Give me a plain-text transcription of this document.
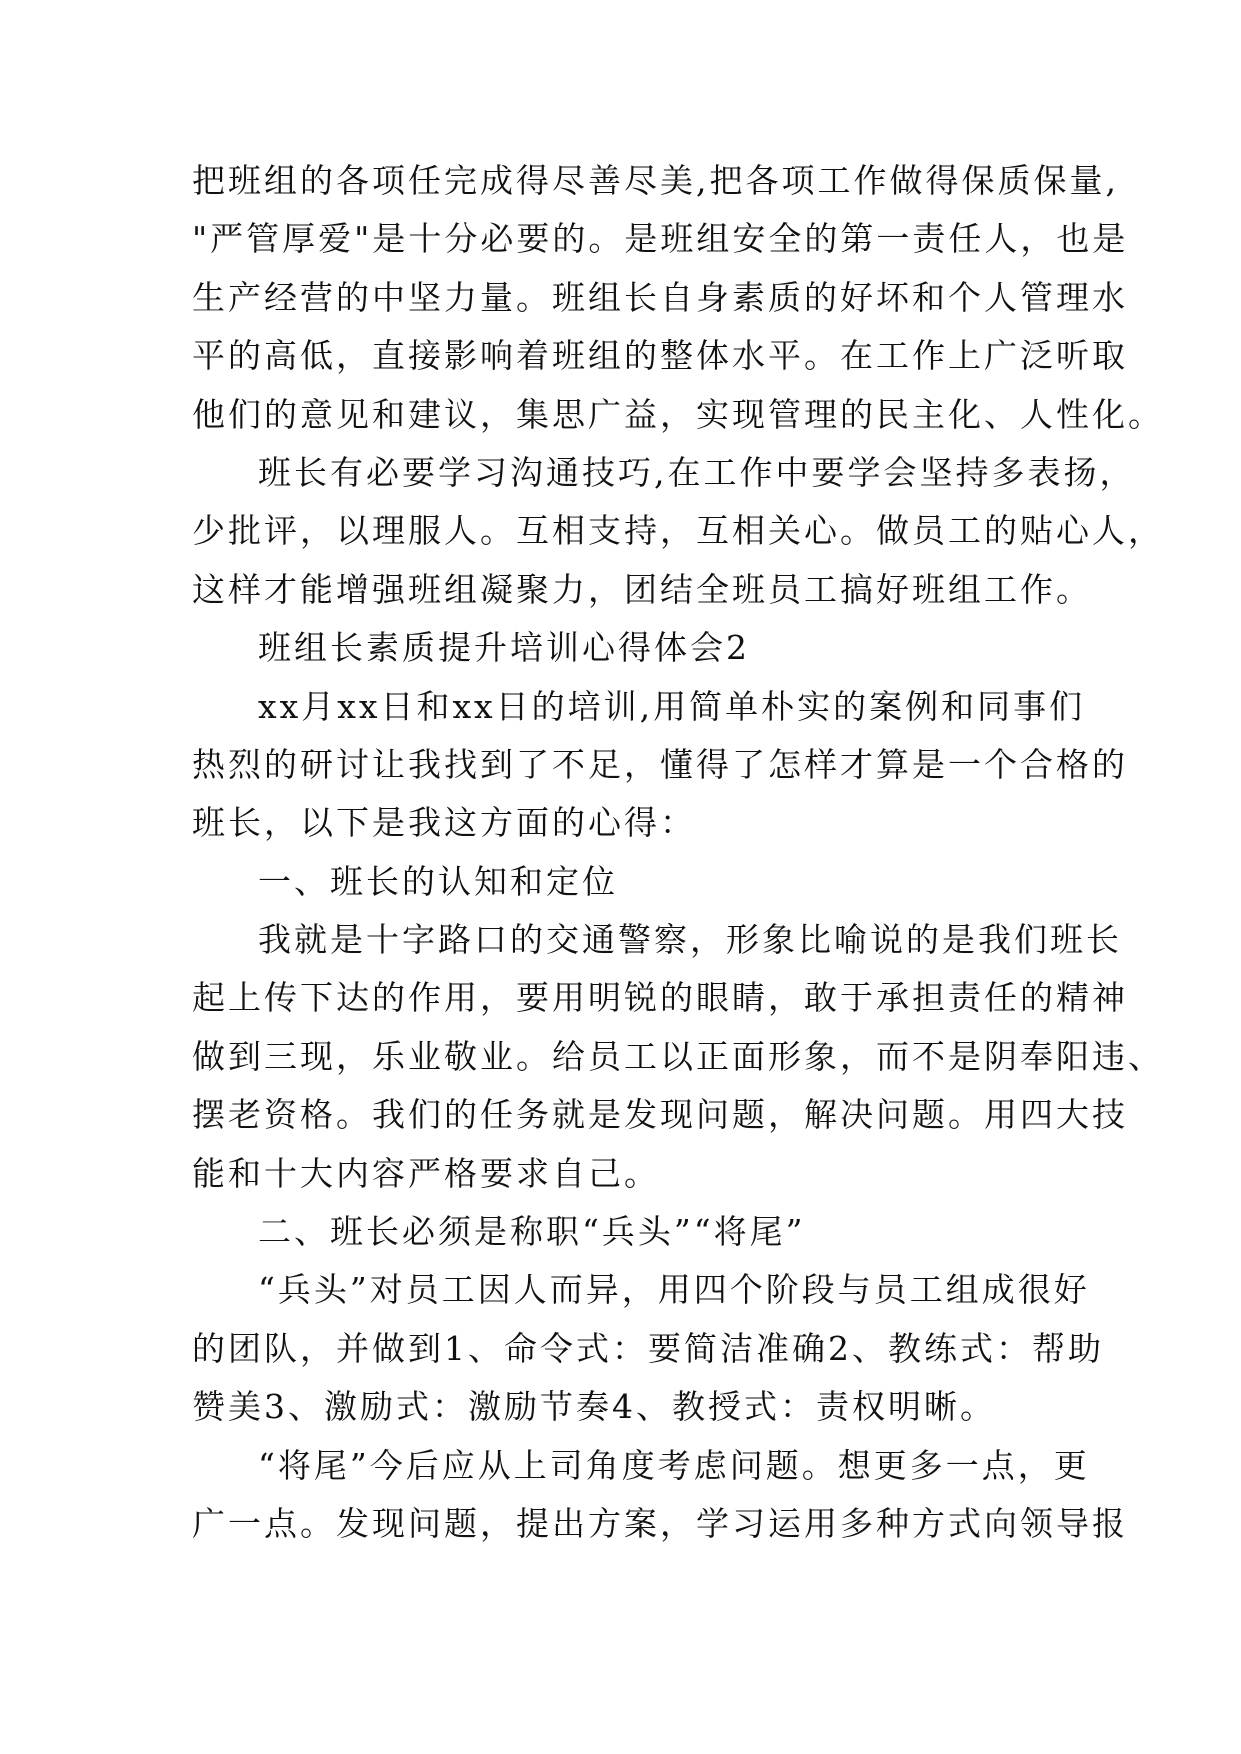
把班组的各项任完成得尽善尽美,把各项工作做得保质保量,
"严管厚爱"是十分必要的。是班组安全的第一责任人，也是
生产经营的中坚力量。班组长自身素质的好坏和个人管理水
平的高低，直接影响着班组的整体水平。在工作上广泛听取
他们的意见和建议，集思广益，实现管理的民主化、人性化。
班长有必要学习沟通技巧,在工作中要学会坚持多表扬，
少批评，以理服人。互相支持，互相关心。做员工的贴心人，
这样才能增强班组凝聚力，团结全班员工搞好班组工作。
班组长素质提升培训心得体会2
xx月xx日和xx日的培训,用简单朴实的案例和同事们
热烈的研讨让我找到了不足，懂得了怎样才算是一个合格的
班长，以下是我这方面的心得：
一、班长的认知和定位
我就是十字路口的交通警察，形象比喻说的是我们班长
起上传下达的作用，要用明锐的眼睛，敢于承担责任的精神
做到三现，乐业敬业。给员工以正面形象，而不是阴奉阳违、
摆老资格。我们的任务就是发现问题，解决问题。用四大技
能和十大内容严格要求自己。
二、班长必须是称职“兵头”“将尾”
“兵头”对员工因人而异，用四个阶段与员工组成很好
的团队，并做到1、命令式：要简洁准确2、教练式：帮助
赞美3、激励式：激励节奏4、教授式：责权明晰。
“将尾”今后应从上司角度考虑问题。想更多一点，更
广一点。发现问题，提出方案，学习运用多种方式向领导报
